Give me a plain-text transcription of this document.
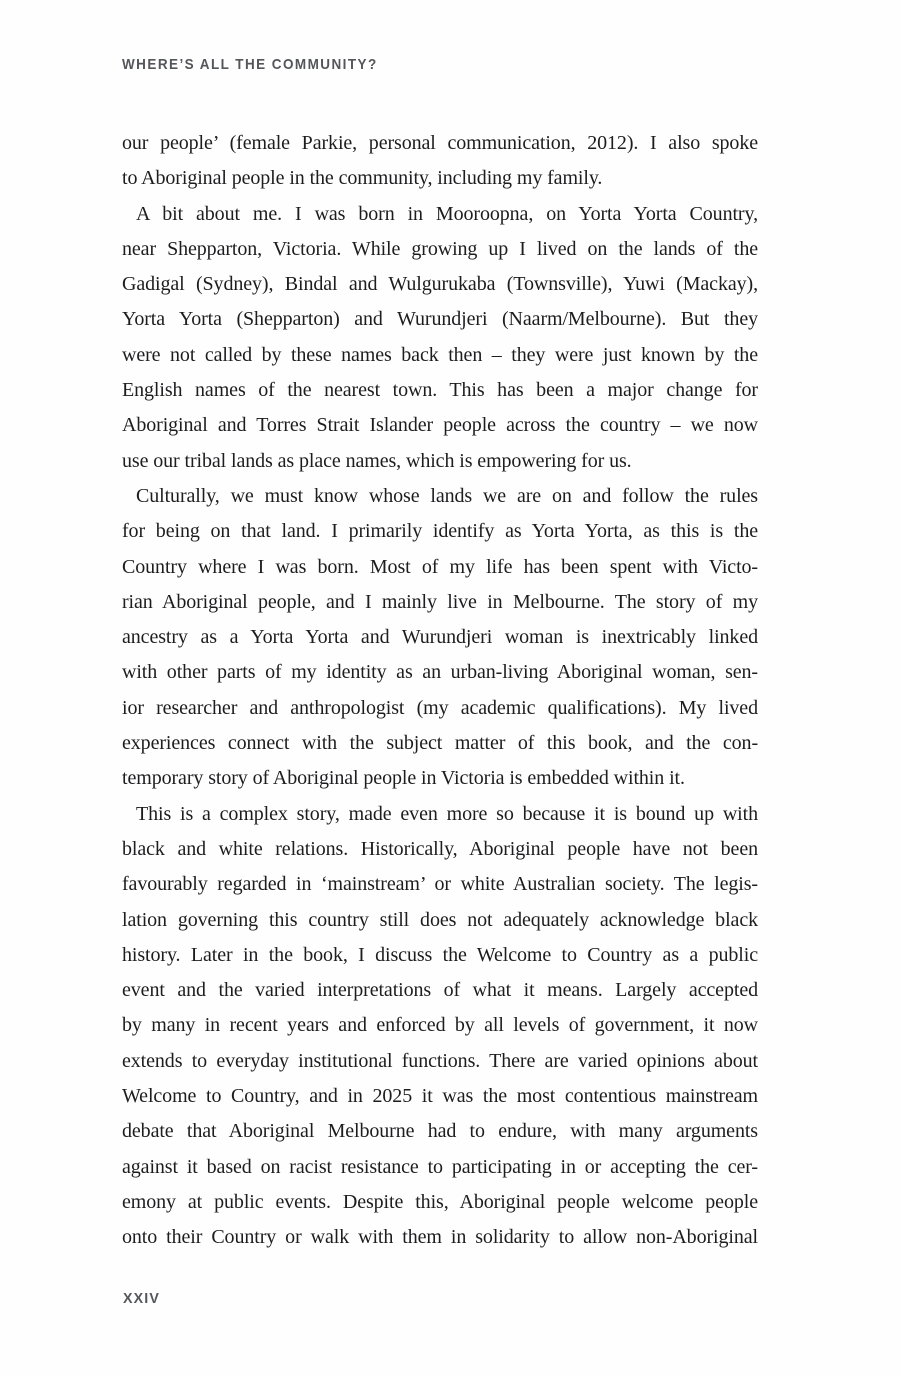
WHERE’S ALL THE COMMUNITY?
our people’ (female Parkie, personal communication, 2012). I also spoke
to Aboriginal people in the community, including my family.
A bit about me. I was born in Mooroopna, on Yorta Yorta Country,
near Shepparton, Victoria. While growing up I lived on the lands of the
Gadigal (Sydney), Bindal and Wulgurukaba (Townsville), Yuwi (Mackay),
Yorta Yorta (Shepparton) and Wurundjeri (Naarm/Melbourne). But they
were not called by these names back then – they were just known by the
English names of the nearest town. This has been a major change for
Aboriginal and Torres Strait Islander people across the country – we now
use our tribal lands as place names, which is empowering for us.
Culturally, we must know whose lands we are on and follow the rules
for being on that land. I primarily identify as Yorta Yorta, as this is the
Country where I was born. Most of my life has been spent with Victo-
rian Aboriginal people, and I mainly live in Melbourne. The story of my
ancestry as a Yorta Yorta and Wurundjeri woman is inextricably linked
with other parts of my identity as an urban-living Aboriginal woman, sen-
ior researcher and anthropologist (my academic qualifications). My lived
experiences connect with the subject matter of this book, and the con-
temporary story of Aboriginal people in Victoria is embedded within it.
This is a complex story, made even more so because it is bound up with
black and white relations. Historically, Aboriginal people have not been
favourably regarded in ‘mainstream’ or white Australian society. The legis-
lation governing this country still does not adequately acknowledge black
history. Later in the book, I discuss the Welcome to Country as a public
event and the varied interpretations of what it means. Largely accepted
by many in recent years and enforced by all levels of government, it now
extends to everyday institutional functions. There are varied opinions about
Welcome to Country, and in 2025 it was the most contentious mainstream
debate that Aboriginal Melbourne had to endure, with many arguments
against it based on racist resistance to participating in or accepting the cer-
emony at public events. Despite this, Aboriginal people welcome people
onto their Country or walk with them in solidarity to allow non-Aboriginal
XXIV
